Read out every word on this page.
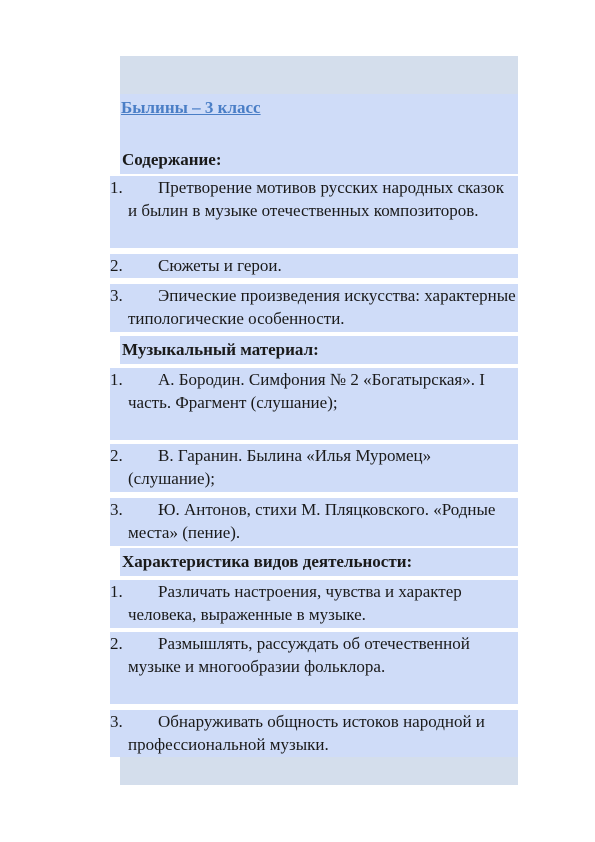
Былины – 3 класс
Содержание:
1.	Претворение мотивов русских народных сказок и былин в музыке отечественных композиторов.
2.	Сюжеты и герои.
3.	Эпические произведения искусства: характерные типологические особенности.
Музыкальный материал:
1.	А. Бородин. Симфония № 2 «Богатырская». I часть. Фрагмент (слушание);
2.	В. Гаранин. Былина «Илья Муромец» (слушание);
3.	Ю. Антонов, стихи М. Пляцковского. «Родные места» (пение).
Характеристика видов деятельности:
1.	Различать настроения, чувства и характер человека, выраженные в музыке.
2.	Размышлять, рассуждать об отечественной музыке и многообразии фольклора.
3.	Обнаруживать общность истоков народной и профессиональной музыки.
